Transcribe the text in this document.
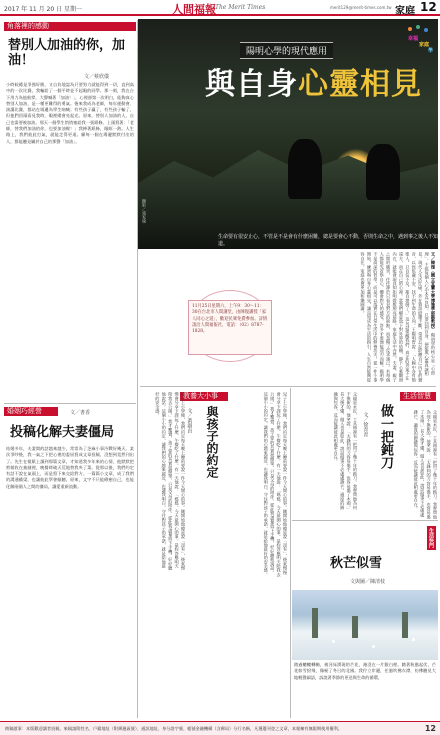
2017 年 11 月 20 日 星期一	人間福報 The Merit Times	merit129@merit-times.com.tw 家庭 12
角落裡的感動
替別人加油的你，加油！
文／蔡欣儀
小時候總是爭強好勝，又自負地認為只要努力就能得到一切，直到高中的一次比賽，我輸給了一個平時並不起眼的同學。那一刻，我在台下用力為他鼓掌，大聲喊著「加油！」，心裡卻第一次明白，能夠真心替別人加油，是一種更難得的勇氣。後來我成為老師，每年運動會、演講比賽，都站在場邊為學生吶喊；有些孩子贏了，有些孩子輸了，但他們回頭看見我時，眼裡總會亮起光。原來，替別人加油的人，自己也需要被加油。那天一個學生悄悄塞給我一張紙條，上頭寫著：「老師，替我們加油的你，也要加油喔！」我捧著紙條，眼眶一熱。人生路上，我們彼此打氣，就能走得更遠。願每一個在場邊默默付出的人，都能聽見屬於自己的那聲「加油」。
婚姻巧經營	文／書香
投稿化解夫妻僵局
結婚多年，夫妻間的話越來越少，常常為了芝麻小事冷戰好幾天。某次爭吵後，我一氣之下把心裡的委屈寫成文章投稿，沒想到竟然刊出了。先生在報紙上讀到那篇文章，才知道我多年來的心情，他默默把剪報收在抽屜裡，晚餐時破天荒地替我夾了菜。從那以後，我們約定有話不說在氣頭上，而是寫下來交給對方。一篇篇小文章，成了我們的溝通橋梁，也讓彼此學會傾聽。原來，文字不只能療癒自己，也能化解兩個人之間的僵局，讓愛重新流動。
陽明心學的現代應用
與自身心靈相見
攝影／張家瑜
生命要有很安止心，不管是不是會有什麼困難，總是要會心不動，否則生命之中，遇到事之後人不知道。
幸福
家庭
學
文／陳復（國立宜蘭大學博雅學部副教授） 陽明學的核心是「心即理」，主張每個人心中本具良知，只要回到自身，便能與心靈真誠相見。現代人生活忙碌，外在資訊紛擾不斷，常常忘記聆聽自己內在的聲音，以致焦慮不安，找不到生命的方向。王陽明曾說：「人胸中各有箇聖人，只自信不及，都自埋倒了。」這句話提醒我們，真正的答案不在遠方，而在自己的心裡。當我們願意放下對外界的依賴，靜下心來觀照內在，就能發現良知如明燈般照亮前路。家庭生活中亦然，夫妻、親子之間的衝突，往往源於只看見對方的缺點，而忽略了反求諸己。若每個人都能先省察自心，體會對方的感受，許多矛盾便能迎刃而解。陽明學不是高深的哲學，而是可以落實在日常生活中的修養功夫。從一件小事開始，練習與自身心靈相見，讓良知成為生活的指引，人生自然能夠從容自在，家庭也會更加和樂圓滿。
11月25日星期六，上午9：30～11：30在台北市人間講堂，由陳復講授「家人同心之道」，歡迎民眾免費參加。詳情請洽人間福報社，電話：（02）8787-1828。
教養大小事
與孩子的約定
文／黃淑貞
兒子上小學後，我們約定每天晚上睡前要說一件今天開心的事。剛開始他總是說「沒有」，後來慢慢會分享下課玩了什麼、午餐吃了什麼。有一天他說：「媽媽，今天最開心的事，是妳答應明天陪我去公園。」我才驚覺，孩子要的其實很簡單，只是父母的陪伴。從此我盡量放下手機，好好聽他說話。這個小小的約定，讓我們的心越來越近，也讓我明白，守住對孩子的承諾，就是給他最好的安全感。	兒子上小學後，我們約定每天晚上睡前要說一件今天開心的事。剛開始他總是說「沒有」，後來慢慢會分享下課玩了什麼、午餐吃了什麼。有一天他說：「媽媽，今天最開心的事，是妳答應明天陪我去公園。」我才驚覺，孩子要的其實很簡單，只是父母的陪伴。從此我盡量放下手機，好好聽他說話。這個小小的約定，讓我們的心越來越近，也讓我明白，守住對孩子的承諾，就是給他最好的安全感。	生活智慧
做一把鈍刀
文／徐青青
父親是木匠，工具箱裡有一把用了幾十年的鈍刀。我曾問他為何不換新的，他笑說：「太鋒利的刀容易傷手，也容易傷了木頭。」長大後才懂，做人也是如此，說話做事不必處處鋒芒，適度的圓融與包容，反而能讓彼此相處更自在。	父親是木匠，工具箱裡有一把用了幾十年的鈍刀。我曾問他為何不換新的，他笑說：「太鋒利的刀容易傷手，也容易傷了木頭。」長大後才懂，做人也是如此，說話做事不必處處鋒芒，適度的圓融與包容，反而能讓彼此相處更自在。
生活快門
秋芒似雪
文與圖／陳清枝
踏過轆轆轉軸，被河床湧現的芒花，淹沒在一片銀白裡。隨著秋風起伏，芒花如雪紛飛，像極了冬日的北國。我佇立岸邊，任風吹拂衣襟，彷彿聽見大地輕聲細語，訴說著季節的更迭與生命的循環。
徵稿啟事：本版歡迎讀者投稿，來稿請附姓名、戶籍地址（附郵遞區號）、通訊地址、身分證字號、帳號金融機構（含郵局）分行名稱，凡獲選刊登之文章，本報擁有無限期使用權利。	12
